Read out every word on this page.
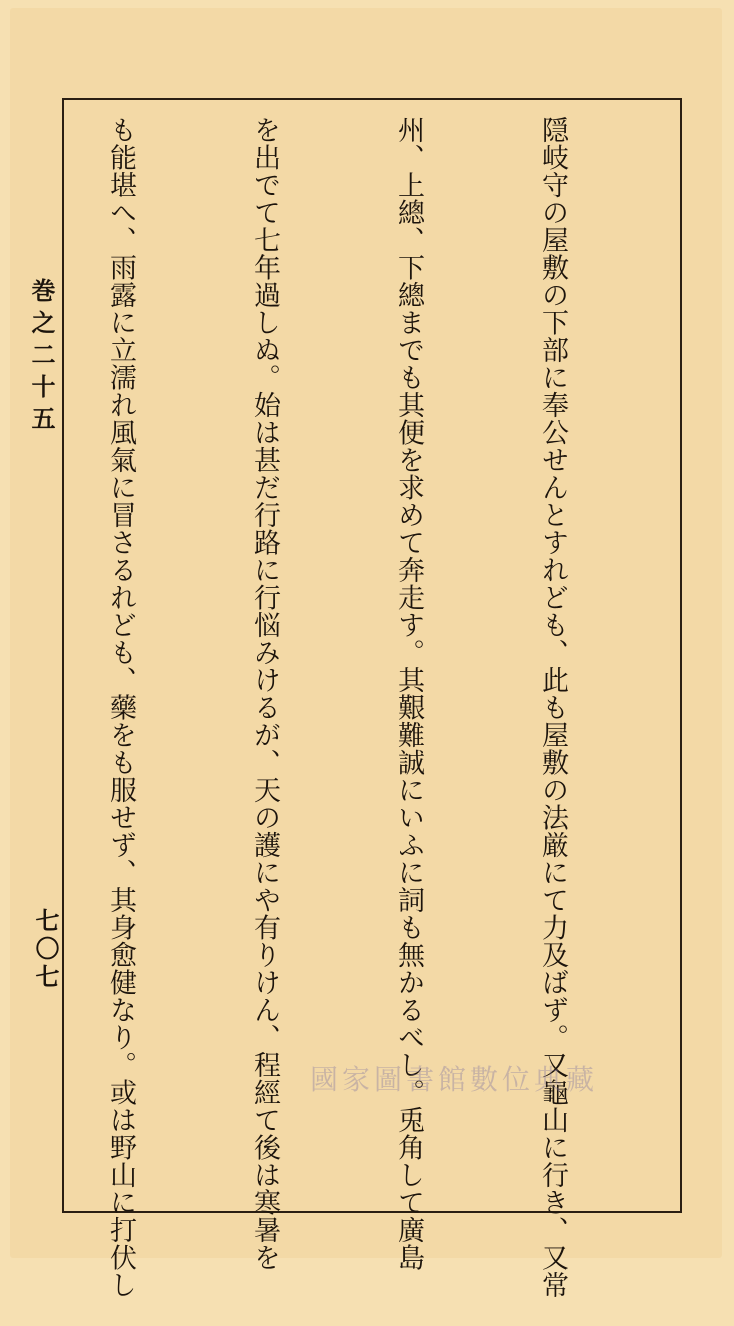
隠岐守の屋敷の下部に奉公せんとすれども、此も屋敷の法厳にて力及ばず。又龜山に行き、又常

州、上總、下總までも其便を求めて奔走す。其艱難誠にいふに詞も無かるべし。兎角して廣島

を出でて七年過しぬ。始は甚だ行路に行悩みけるが、天の護にや有りけん、程經て後は寒暑を

も能堪へ、雨露に立濡れ風氣に冒さるれども、藥をも服せず、其身愈健なり。或は野山に打伏し

巻之二十五
七〇七
國家圖書館數位典藏
